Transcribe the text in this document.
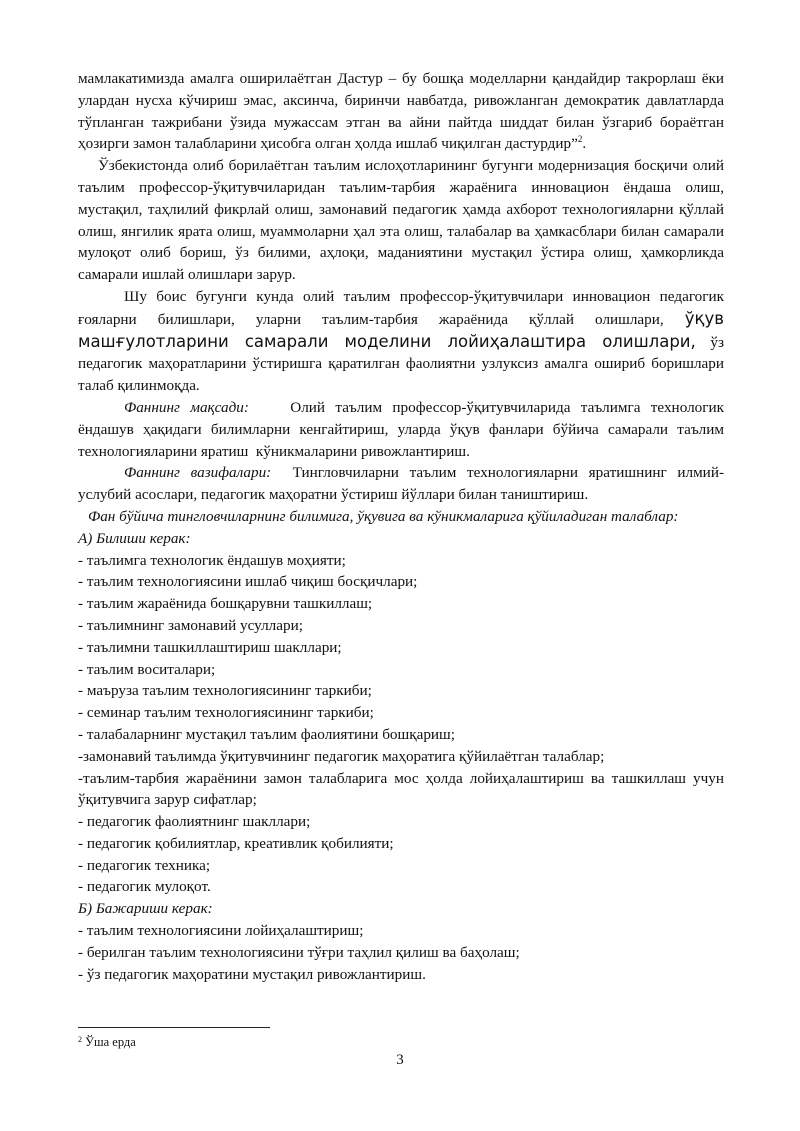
мамлакатимизда амалга оширилаётган Дастур – бу бошқа моделларни қандайдир такрорлаш ёки улардан нусха кўчириш эмас, аксинча, биринчи навбатда, ривожланган демократик давлатларда тўпланган тажрибани ўзида мужассам этган ва айни пайтда шиддат билан ўзгариб бораётган ҳозирги замон талабларини ҳисобга олган ҳолда ишлаб чиқилган дастурдир”$^2$.

Ўзбекистонда олиб борилаётган таълим ислоҳотларининг бугунги модернизация босқичи олий таълим профессор-ўқитувчиларидан таълим-тарбия жараёнига инновацион ёндаша олиш, мустақил, таҳлилий фикрлай олиш, замонавий педагогик ҳамда ахборот технологияларни қўллай олиш, янгилик ярата олиш, муаммоларни ҳал эта олиш, талабалар ва ҳамкасблари билан самарали мулоқот олиб бориш, ўз билими, аҳлоқи, маданиятини мустақил ўстира олиш, ҳамкорликда самарали ишлай олишлари зарур.

Шу боис бугунги кунда олий таълим профессор-ўқитувчилари инновацион педагогик ғояларни билишлари, уларни таълим-тарбия жараёнида қўллай олишлари, ўқув машғулотларини самарали моделини лойиҳалаштира олишлари, ўз педагогик маҳоратларини ўстиришга қаратилган фаолиятни узлуксиз амалга ошириб боришлари талаб қилинмоқда.

Фаннинг мақсади:    Олий таълим профессор-ўқитувчиларида таълимга технологик ёндашув ҳақидаги билимларни кенгайтириш, уларда ўқув фанлари бўйича самарали таълим технологияларини яратиш  кўникмаларини ривожлантириш.

Фаннинг вазифалари:  Тингловчиларни таълим технологияларни яратишнинг илмий-услубий асослари, педагогик маҳоратни ўстириш йўллари билан таништириш.

Фан бўйича тингловчиларнинг билимига, ўқувига ва кўникмаларига қўйиладиган талаблар:

А) Билиши керак:

- таълимга технологик ёндашув моҳияти;
- таълим технологиясини ишлаб чиқиш босқичлари;
- таълим жараёнида бошқарувни ташкиллаш;
- таълимнинг замонавий усуллари;
- таълимни ташкиллаштириш шакллари;
- таълим воситалари;
- маъруза таълим технологиясининг таркиби;
- семинар таълим технологиясининг таркиби;
- талабаларнинг мустақил таълим фаолиятини бошқариш;
-замонавий таълимда ўқитувчининг педагогик маҳоратига қўйилаётган талаблар;
-таълим-тарбия жараёнини замон талабларига мос ҳолда лойиҳалаштириш ва ташкиллаш учун ўқитувчига зарур сифатлар;
- педагогик фаолиятнинг шакллари;
- педагогик қобилиятлар, креативлик қобилияти;
- педагогик техника;
- педагогик мулоқот.

Б) Бажариши керак:

- таълим технологиясини лойиҳалаштириш;
- берилган таълим технологиясини тўғри таҳлил қилиш ва баҳолаш;
- ўз педагогик маҳоратини мустақил ривожлантириш.
$^2$ Ўша ерда
3
